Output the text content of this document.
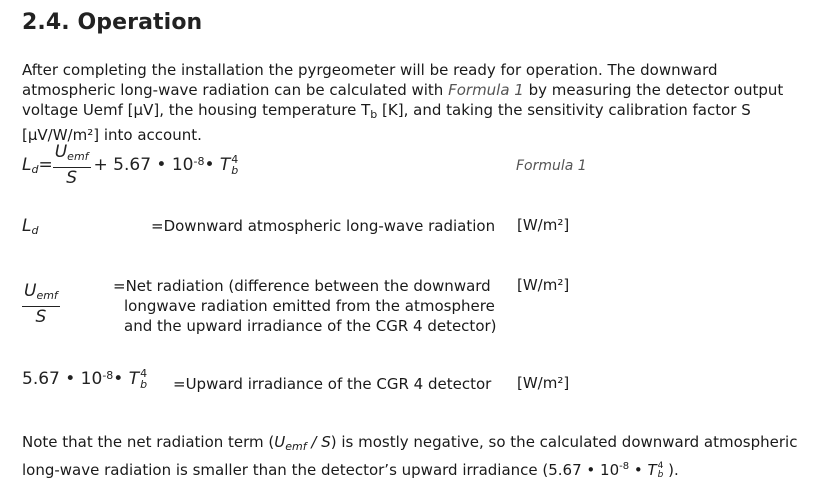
2.4. Operation
After completing the installation the pyrgeometer will be ready for operation. The downward atmospheric long-wave radiation can be calculated with Formula 1 by measuring the detector output voltage Uemf [µV], the housing temperature $T_b$ [K], and taking the sensitivity calibration factor S [µV/W/m²] into account.
$L_d = \frac{U_{emf}}{S} + 5.67$ • $10^{-8}$ • T 4
b	Formula 1
$L_d$	=Downward atmospheric long-wave radiation [W/m²]
$\frac{U_{emf}}{S}$	=Net radiation (difference between the downward
longwave radiation emitted from the atmosphere
and the upward irradiance of the CGR 4 detector)
[W/m²]
5.67 • $10^{-8}$ • T 4
b =Upward irradiance of the CGR 4 detector [W/m²]
Note that the net radiation term $(U_{emf} / S)$ is mostly negative, so the calculated downward atmospheric long-wave radiation is smaller than the detector’s upward irradiance (5.67 • $10^{-8}$ • T 4
b ).
